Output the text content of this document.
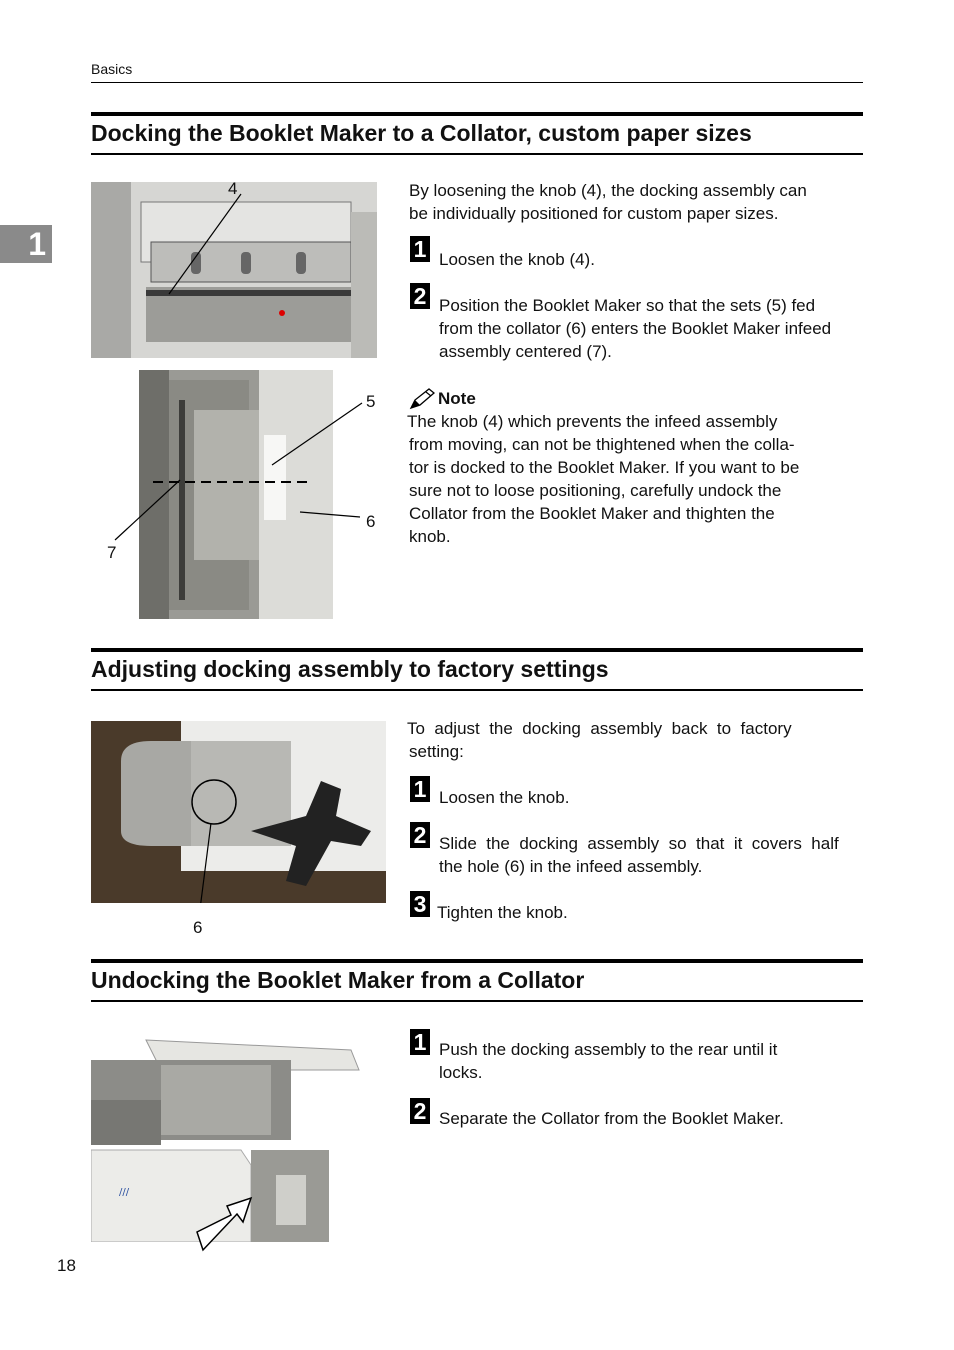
Basics
1
Docking the Booklet Maker to a Collator, custom paper sizes
4
5
6
7
By loosening the knob (4), the docking assembly can
be individually positioned for custom paper sizes.
1 Loosen the knob (4).
2 Position the Booklet Maker so that the sets (5) fed
from the collator (6) enters the Booklet Maker infeed
assembly centered (7).
Note
The knob (4) which prevents the infeed assembly
from moving, can not be thightened when the colla-
tor is docked to the Booklet Maker. If you want to be
sure not to loose positioning, carefully undock the
Collator from the Booklet Maker and thighten the
knob.
Adjusting docking assembly to factory settings
6
To  adjust  the  docking  assembly  back  to  factory
setting:
1 Loosen the knob.
2 Slide  the  docking  assembly  so  that  it  covers  half
the hole (6) in the infeed assembly.
3 Tighten the knob.
Undocking the Booklet Maker from a Collator
///
1 Push the docking assembly to the rear until it
locks.
2 Separate the Collator from the Booklet Maker.
18
